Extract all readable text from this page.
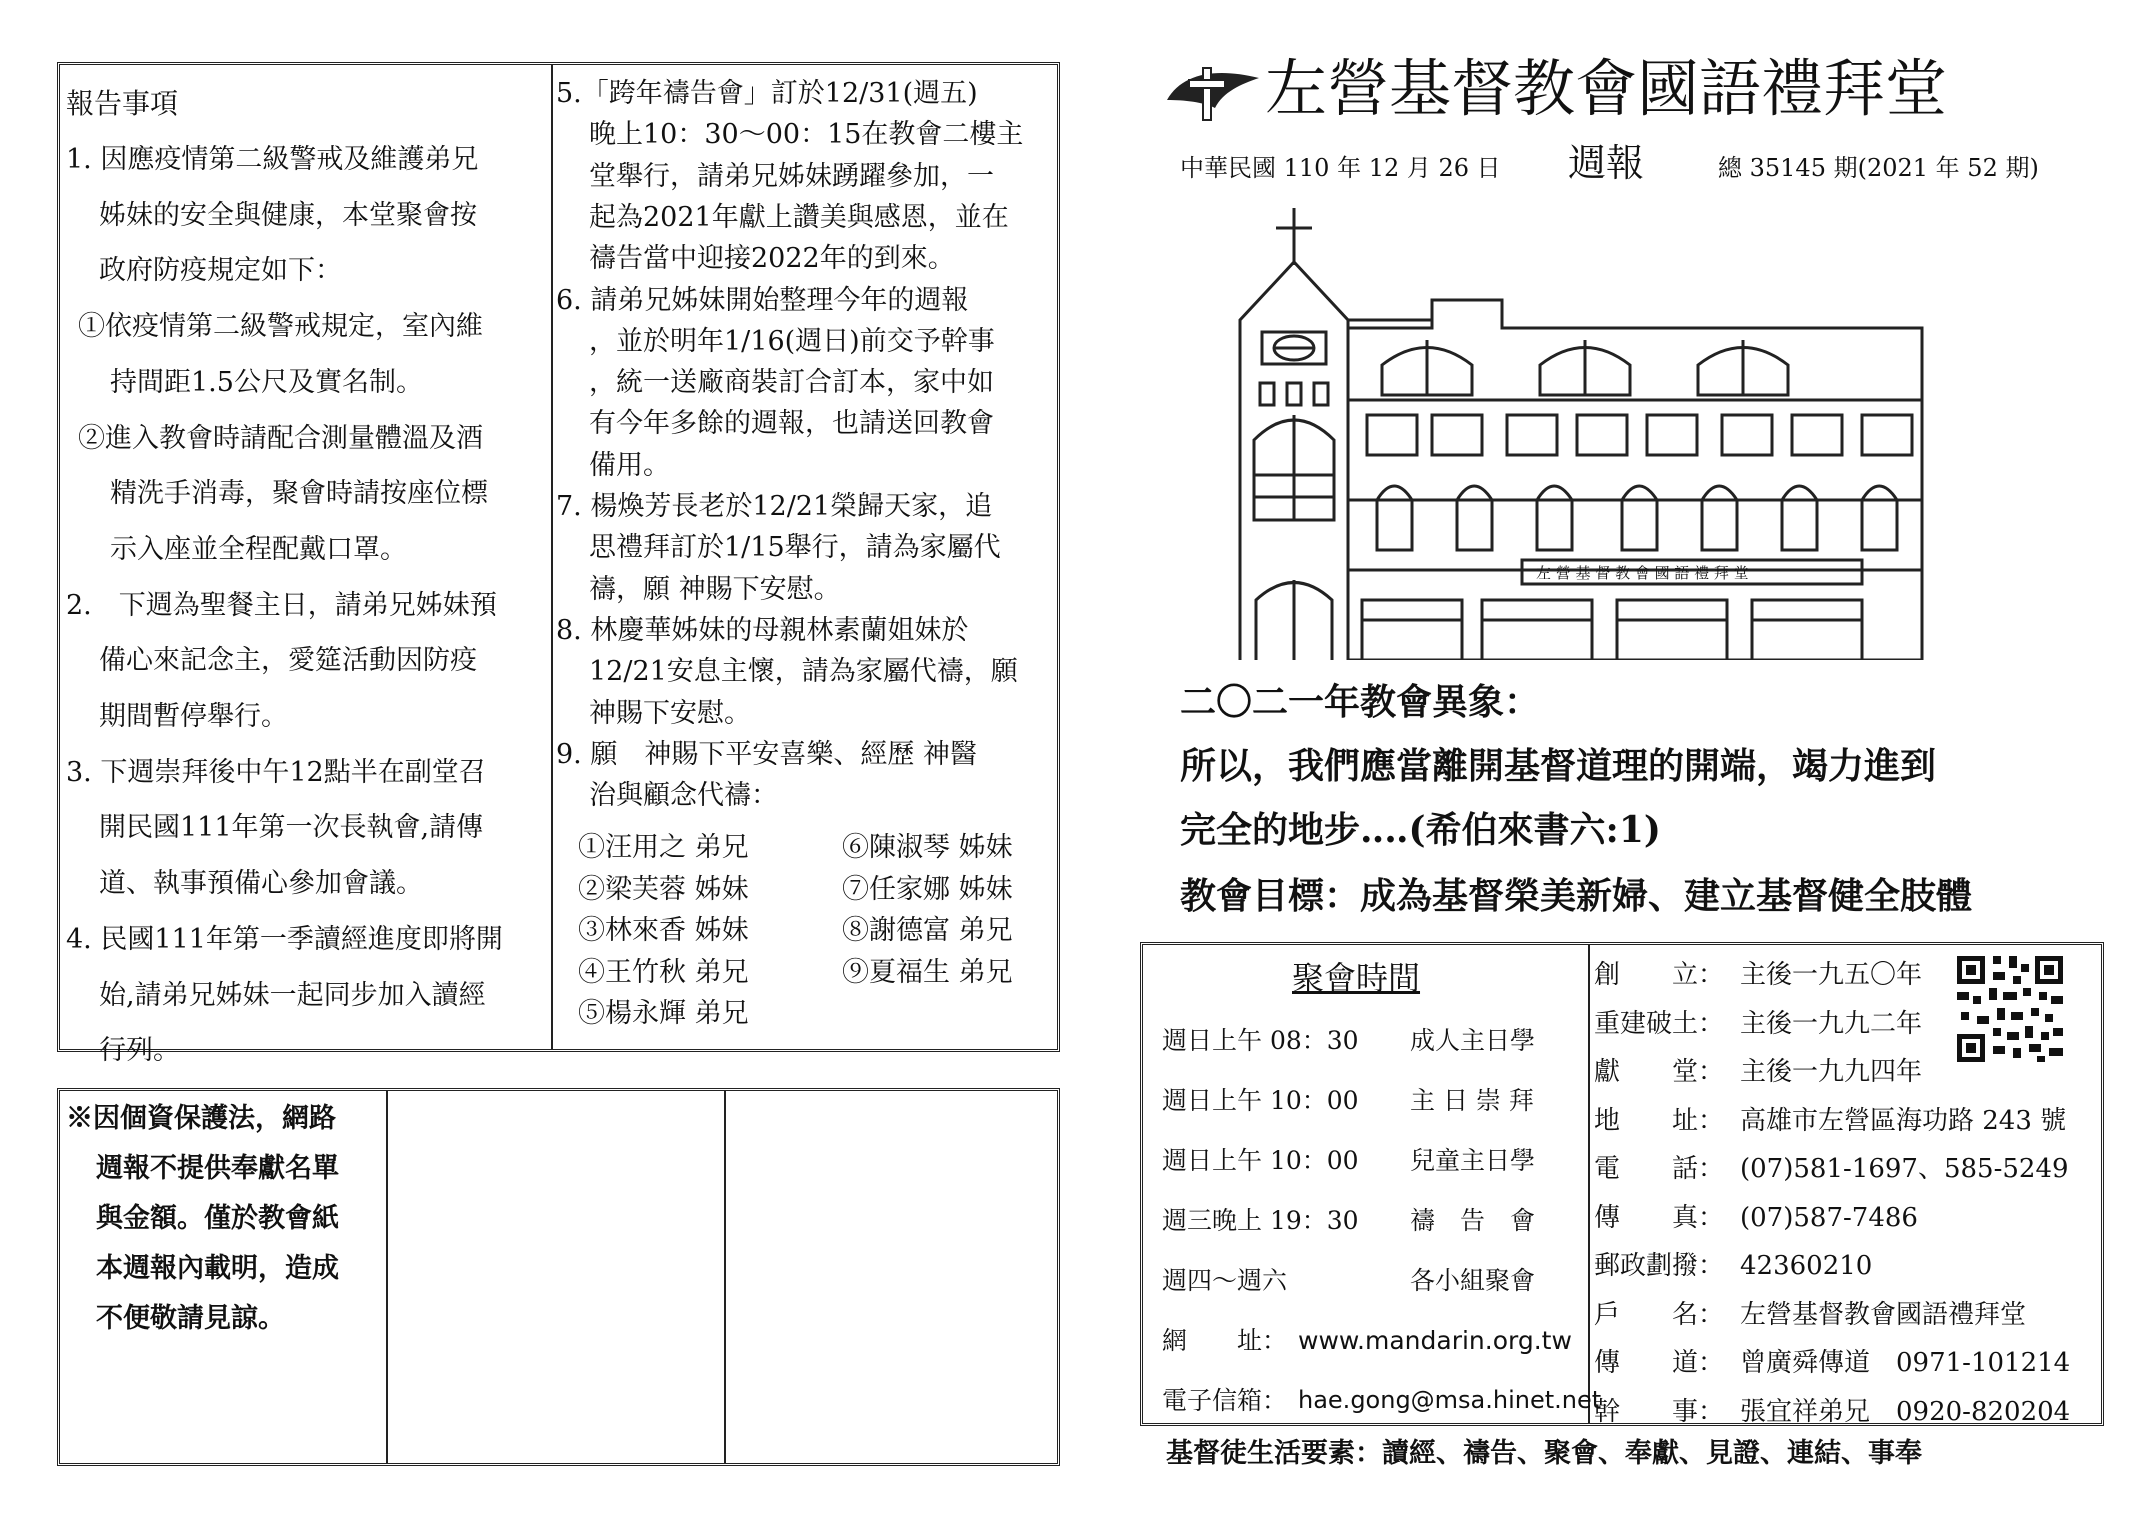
報告事項
1. 因應疫情第二級警戒及維護弟兄
姊妹的安全與健康，本堂聚會按
政府防疫規定如下：
①依疫情第二級警戒規定，室內維
持間距1.5公尺及實名制。
②進入教會時請配合測量體溫及酒
精洗手消毒，聚會時請按座位標
示入座並全程配戴口罩。
2.　下週為聖餐主日，請弟兄姊妹預
備心來記念主，愛筵活動因防疫
期間暫停舉行。
3. 下週崇拜後中午12點半在副堂召
開民國111年第一次長執會,請傳
道、執事預備心參加會議。
4. 民國111年第一季讀經進度即將開
始,請弟兄姊妹一起同步加入讀經
行列。
5.「跨年禱告會」訂於12/31(週五)
晚上10：30～00：15在教會二樓主
堂舉行，請弟兄姊妹踴躍參加，一
起為2021年獻上讚美與感恩，並在
禱告當中迎接2022年的到來。
6. 請弟兄姊妹開始整理今年的週報
，並於明年1/16(週日)前交予幹事
，統一送廠商裝訂合訂本，家中如
有今年多餘的週報，也請送回教會
備用。
7. 楊煥芳長老於12/21榮歸天家，追
思禮拜訂於1/15舉行，請為家屬代
禱，願 神賜下安慰。
8. 林慶華姊妹的母親林素蘭姐妹於
12/21安息主懷，請為家屬代禱，願
神賜下安慰。
9. 願　神賜下平安喜樂、經歷 神醫
治與顧念代禱：
①汪用之 弟兄	⑥陳淑琴 姊妹
②梁芙蓉 姊妹	⑦任家娜 姊妹
③林來香 姊妹	⑧謝德富 弟兄
④王竹秋 弟兄	⑨夏福生 弟兄
⑤楊永輝 弟兄
※因個資保護法，網路
週報不提供奉獻名單
與金額。僅於教會紙
本週報內載明，造成
不便敬請見諒。
左營基督教會國語禮拜堂
中華民國 110 年 12 月 26 日 週報	總 35145 期(2021 年 52 期)
左 營 基 督 教 會 國 語 禮 拜 堂
二〇二一年教會異象：
所以，我們應當離開基督道理的開端，竭力進到
完全的地步‥‥(希伯來書六:1)
教會目標：成為基督榮美新婦、建立基督健全肢體
聚會時間
週日上午 08：30 成人主日學
週日上午 10：00 主 日 崇 拜
週日上午 10：00 兒童主日學
週三晚上 19：30 禱　告　會
週四～週六	各小組聚會
網　　址： www.mandarin.org.tw
電子信箱： hae.gong@msa.hinet.net
創　　立： 主後一九五〇年
重建破土： 主後一九九二年
獻　　堂： 主後一九九四年
地　　址： 高雄市左營區海功路 243 號
電　　話： (07)581-1697、585-5249
傳　　真： (07)587-7486
郵政劃撥： 42360210
戶　　名： 左營基督教會國語禮拜堂
傳　　道： 曾廣舜傳道　0971-101214
幹　　事： 張宜祥弟兄　0920-820204
基督徒生活要素：讀經、禱告、聚會、奉獻、見證、連結、事奉
